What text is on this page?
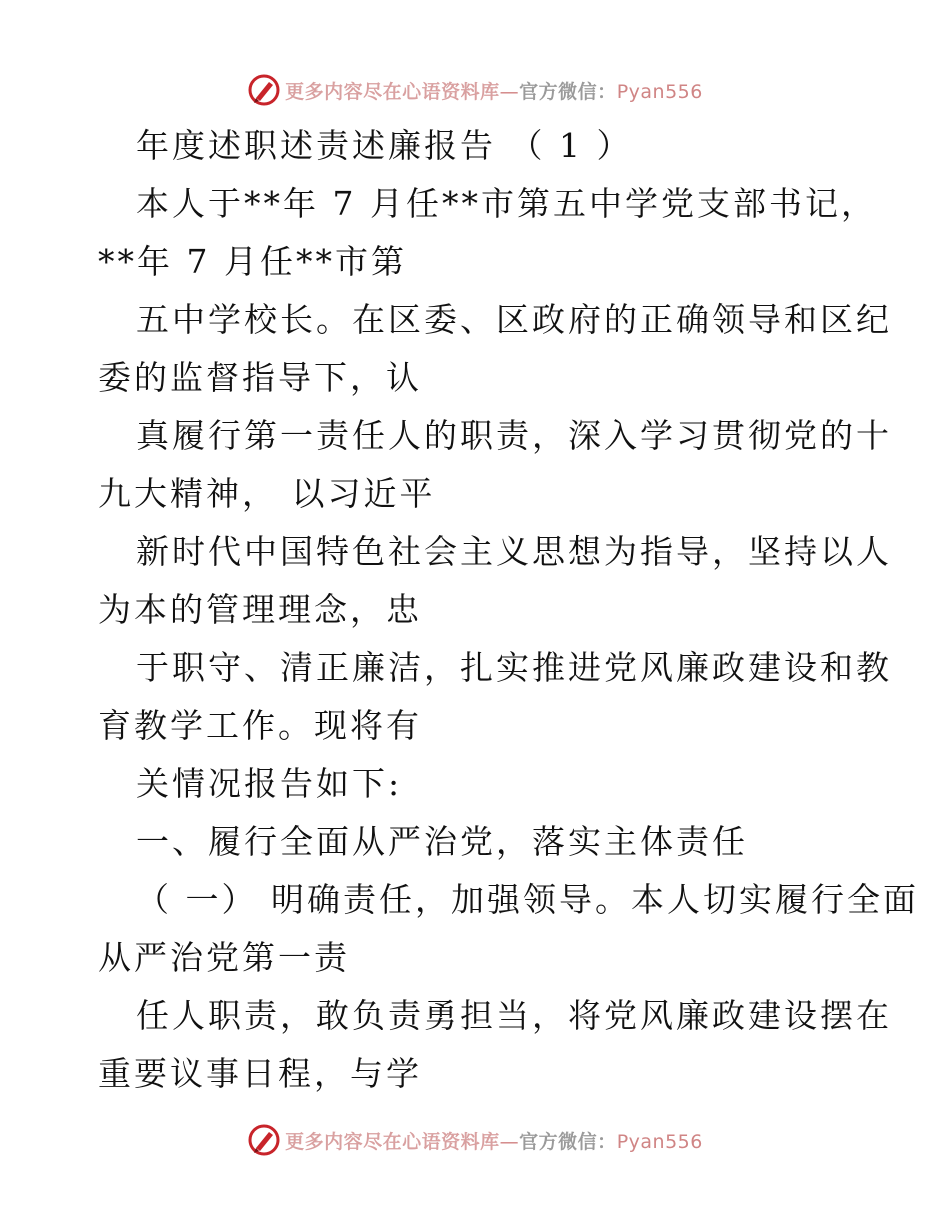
更多内容尽在心语资料库—官方微信：Pyan556
年度述职述责述廉报告 （ 1 ）
本人于**年 7 月任**市第五中学党支部书记，
**年 7 月任**市第
五中学校长。在区委、区政府的正确领导和区纪
委的监督指导下，认
真履行第一责任人的职责，深入学习贯彻党的十
九大精神， 以习近平
新时代中国特色社会主义思想为指导，坚持以人
为本的管理理念，忠
于职守、清正廉洁，扎实推进党风廉政建设和教
育教学工作。现将有
关情况报告如下:
一、履行全面从严治党，落实主体责任
（ 一） 明确责任，加强领导。本人切实履行全面
从严治党第一责
任人职责，敢负责勇担当，将党风廉政建设摆在
重要议事日程，与学
更多内容尽在心语资料库—官方微信：Pyan556
